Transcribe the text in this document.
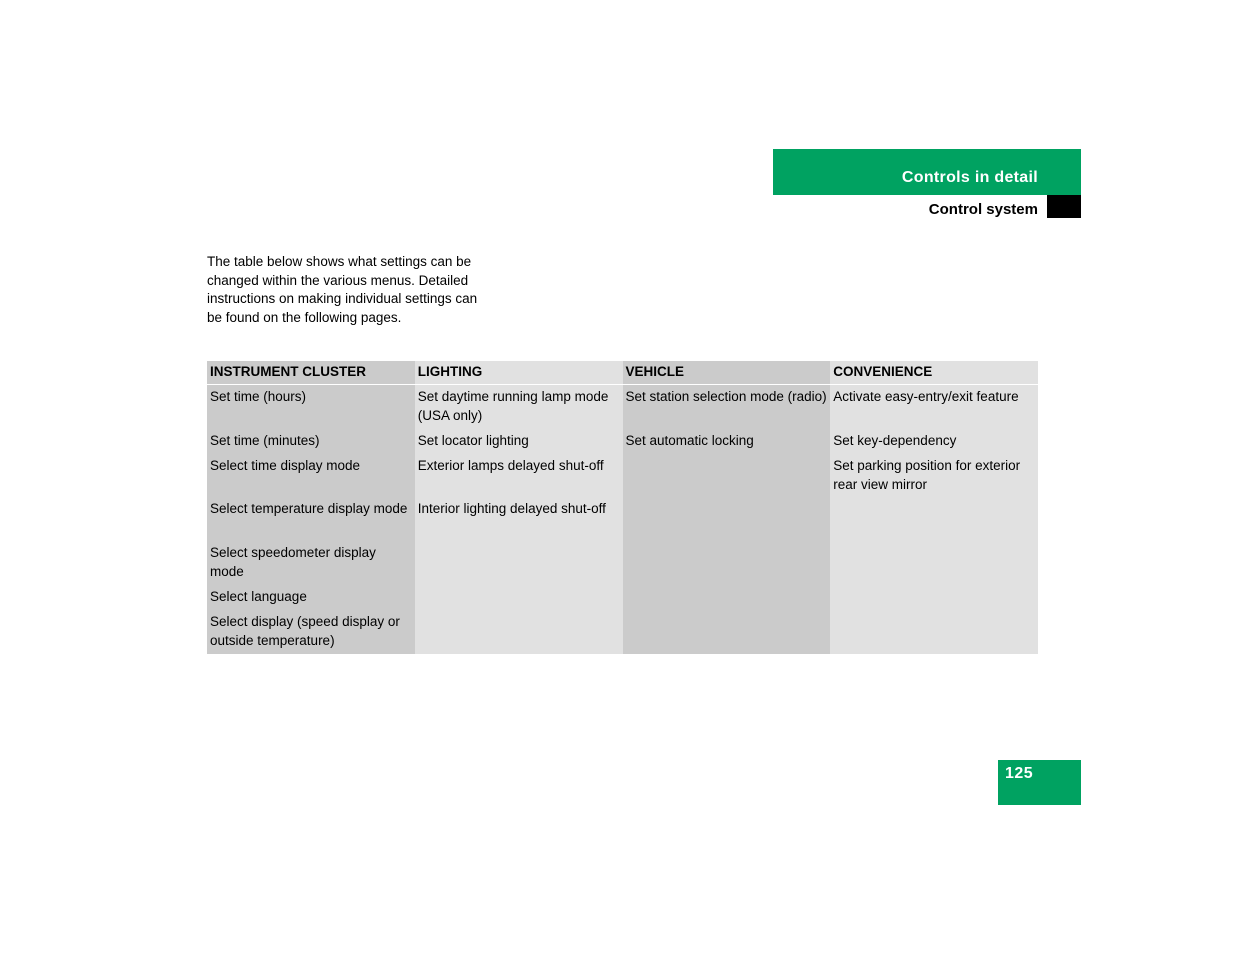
Controls in detail
Control system
The table below shows what settings can be changed within the various menus. Detailed instructions on making individual settings can be found on the following pages.
INSTRUMENT CLUSTER
Set time (hours)
Set time (minutes)
Select time display mode
Select temperature display mode
Select speedometer display mode
Select language
Select display (speed display or outside temperature)
LIGHTING
Set daytime running lamp mode (USA only)
Set locator lighting
Exterior lamps delayed shut-off
Interior lighting delayed shut-off
VEHICLE
Set station selection mode (radio)
Set automatic locking
CONVENIENCE
Activate easy-entry/exit feature
Set key-dependency
Set parking position for exterior rear view mirror
125
